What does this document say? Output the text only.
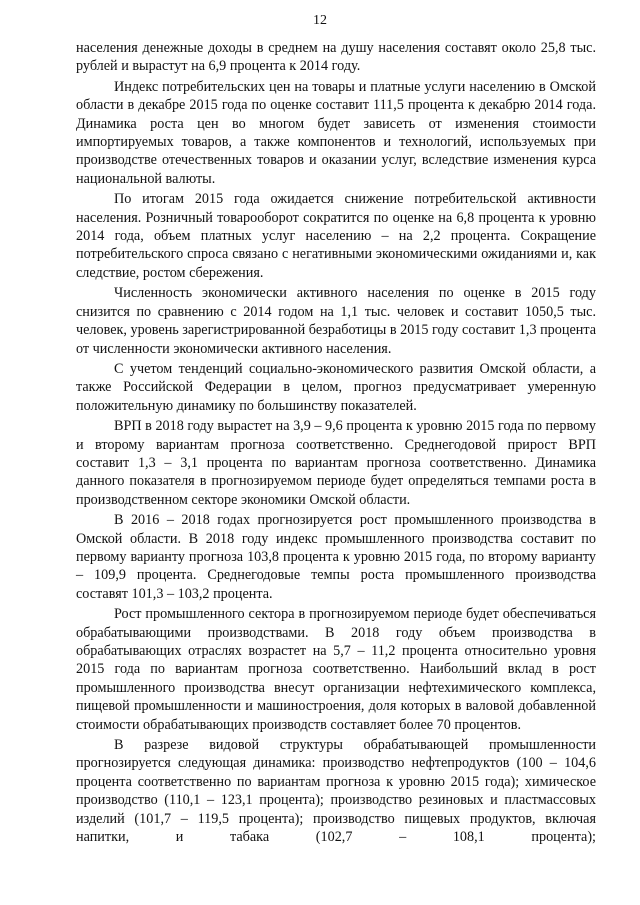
12

населения денежные доходы в среднем на душу населения составят около 25,8 тыс. рублей и вырастут на 6,9 процента к 2014 году.

Индекс потребительских цен на товары и платные услуги населению в Омской области в декабре 2015 года по оценке составит 111,5 процента к декабрю 2014 года. Динамика роста цен во многом будет зависеть от изменения стоимости импортируемых товаров, а также компонентов и технологий, используемых при производстве отечественных товаров и оказании услуг, вследствие изменения курса национальной валюты.

По итогам 2015 года ожидается снижение потребительской активности населения. Розничный товарооборот сократится по оценке на 6,8 процента к уровню 2014 года, объем платных услуг населению – на 2,2 процента. Сокращение потребительского спроса связано с негативными экономическими ожиданиями и, как следствие, ростом сбережения.

Численность экономически активного населения по оценке в 2015 году снизится по сравнению с 2014 годом на 1,1 тыс. человек и составит 1050,5 тыс. человек, уровень зарегистрированной безработицы в 2015 году составит 1,3 процента от численности экономически активного населения.

С учетом тенденций социально-экономического развития Омской области, а также Российской Федерации в целом, прогноз предусматривает умеренную положительную динамику по большинству показателей.

ВРП в 2018 году вырастет на 3,9 – 9,6 процента к уровню 2015 года по первому и второму вариантам прогноза соответственно. Среднегодовой прирост ВРП составит 1,3 – 3,1 процента по вариантам прогноза соответственно. Динамика данного показателя в прогнозируемом периоде будет определяться темпами роста в производственном секторе экономики Омской области.

В 2016 – 2018 годах прогнозируется рост промышленного производства в Омской области. В 2018 году индекс промышленного производства составит по первому варианту прогноза 103,8 процента к уровню 2015 года, по второму варианту – 109,9 процента. Среднегодовые темпы роста промышленного производства составят 101,3 – 103,2 процента.

Рост промышленного сектора в прогнозируемом периоде будет обеспечиваться обрабатывающими производствами. В 2018 году объем производства в обрабатывающих отраслях возрастет на 5,7 – 11,2 процента относительно уровня 2015 года по вариантам прогноза соответственно. Наибольший вклад в рост промышленного производства внесут организации нефтехимического комплекса, пищевой промышленности и машиностроения, доля которых в валовой добавленной стоимости обрабатывающих производств составляет более 70 процентов.

В разрезе видовой структуры обрабатывающей промышленности прогнозируется следующая динамика: производство нефтепродуктов (100 – 104,6 процента соответственно по вариантам прогноза к уровню 2015 года); химическое производство (110,1 – 123,1 процента); производство резиновых и пластмассовых изделий (101,7 – 119,5 процента); производство пищевых продуктов, включая напитки, и табака (102,7 – 108,1 процента);
